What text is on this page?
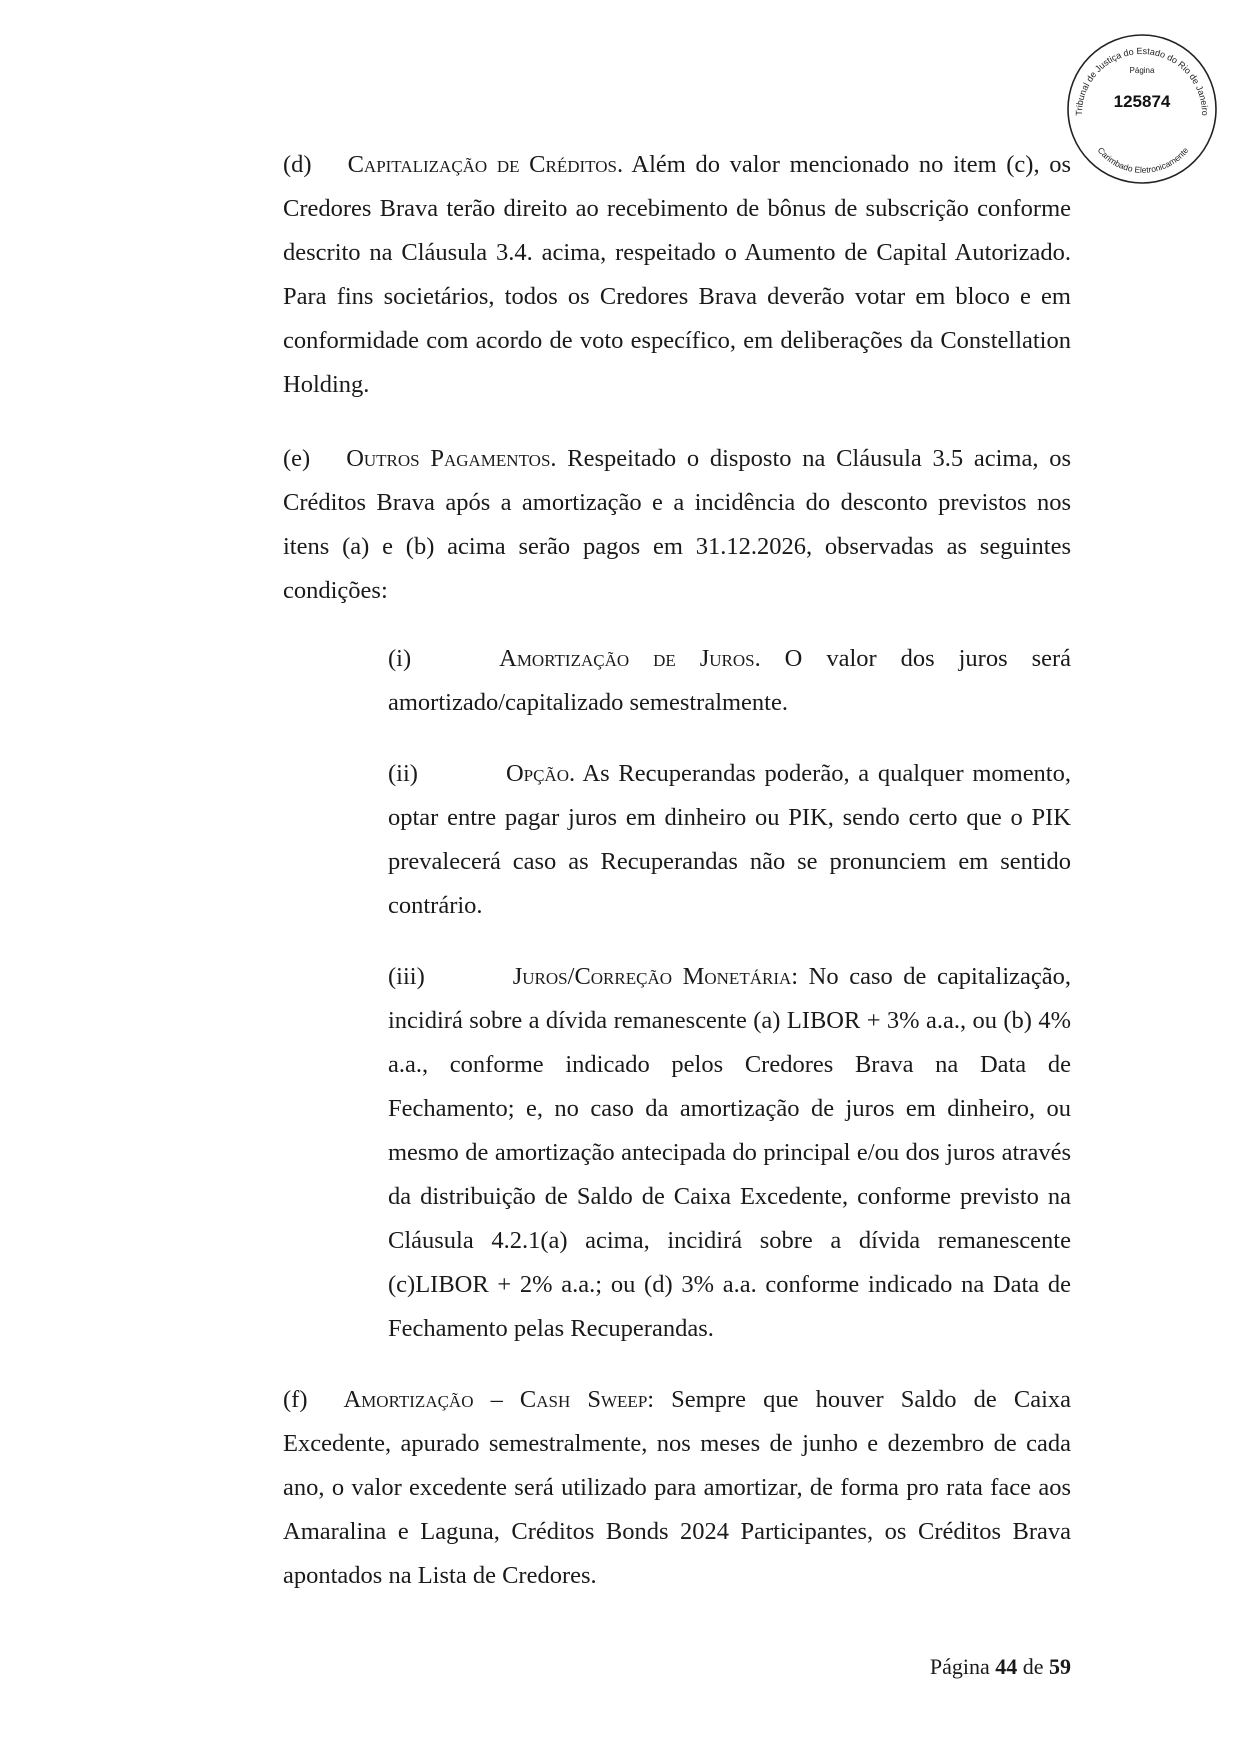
Tribunal de Justiça do Estado do Rio de Janeiro
Página
125874
Carimbado Eletronicamente

(d) Capitalização de Créditos. Além do valor mencionado no item (c), os Credores Brava terão direito ao recebimento de bônus de subscrição conforme descrito na Cláusula 3.4. acima, respeitado o Aumento de Capital Autorizado. Para fins societários, todos os Credores Brava deverão votar em bloco e em conformidade com acordo de voto específico, em deliberações da Constellation Holding.

(e) Outros Pagamentos. Respeitado o disposto na Cláusula 3.5 acima, os Créditos Brava após a amortização e a incidência do desconto previstos nos itens (a) e (b) acima serão pagos em 31.12.2026, observadas as seguintes condições:

(i)	Amortização de Juros. O valor dos juros será amortizado/capitalizado semestralmente.

(ii)	Opção. As Recuperandas poderão, a qualquer momento, optar entre pagar juros em dinheiro ou PIK, sendo certo que o PIK prevalecerá caso as Recuperandas não se pronunciem em sentido contrário.

(iii)	Juros/Correção Monetária: No caso de capitalização, incidirá sobre a dívida remanescente (a) LIBOR + 3% a.a., ou (b) 4% a.a., conforme indicado pelos Credores Brava na Data de Fechamento; e, no caso da amortização de juros em dinheiro, ou mesmo de amortização antecipada do principal e/ou dos juros através da distribuição de Saldo de Caixa Excedente, conforme previsto na Cláusula 4.2.1(a) acima, incidirá sobre a dívida remanescente (c)LIBOR + 2% a.a.; ou (d) 3% a.a. conforme indicado na Data de Fechamento pelas Recuperandas.

(f) Amortização – Cash Sweep: Sempre que houver Saldo de Caixa Excedente, apurado semestralmente, nos meses de junho e dezembro de cada ano, o valor excedente será utilizado para amortizar, de forma pro rata face aos Amaralina e Laguna, Créditos Bonds 2024 Participantes, os Créditos Brava apontados na Lista de Credores.

Página 44 de 59
